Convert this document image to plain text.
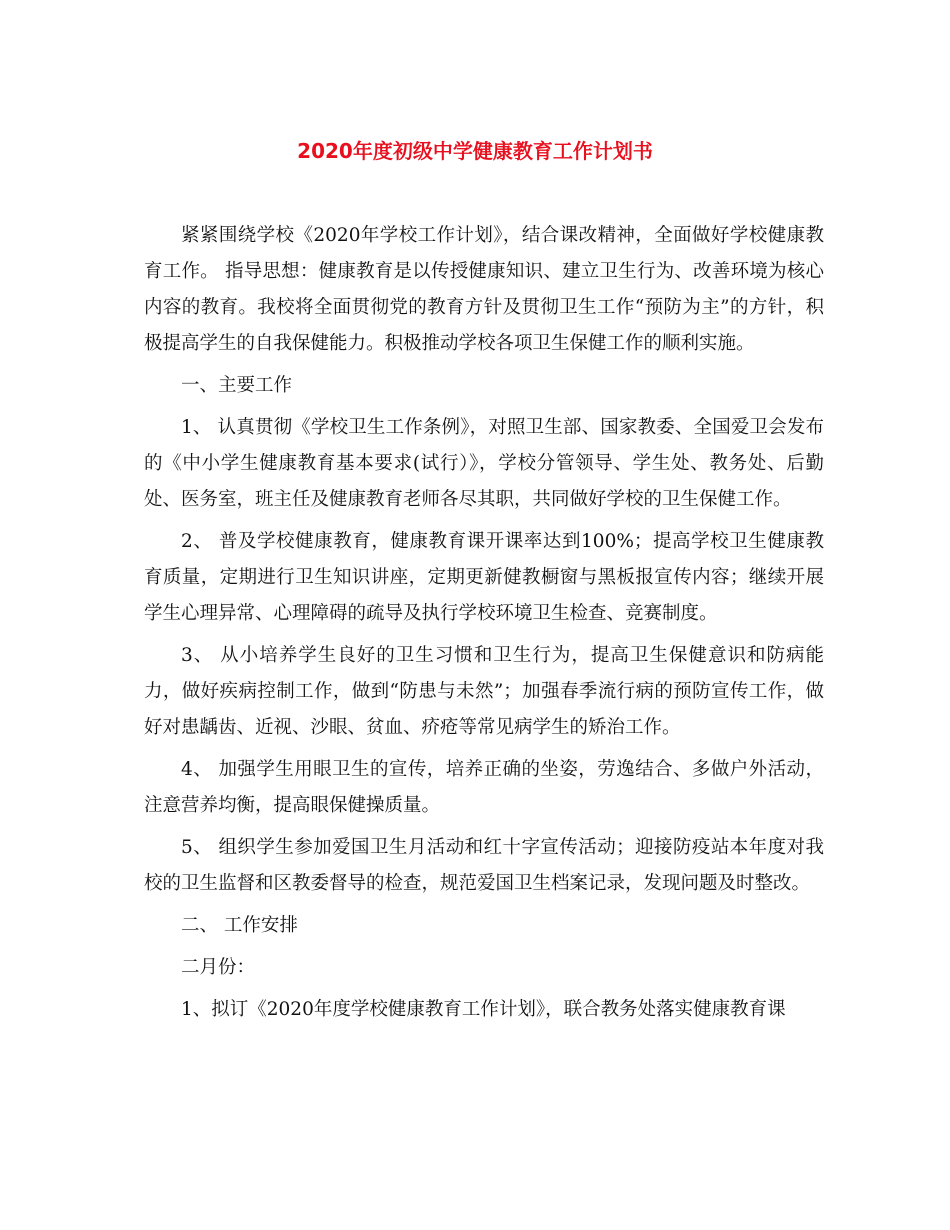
2020年度初级中学健康教育工作计划书

紧紧围绕学校《2020年学校工作计划》，结合课改精神，全面做好学校健康教育工作。 指导思想：健康教育是以传授健康知识、建立卫生行为、改善环境为核心内容的教育。我校将全面贯彻党的教育方针及贯彻卫生工作“预防为主”的方针，积极提高学生的自我保健能力。积极推动学校各项卫生保健工作的顺利实施。

一、主要工作

1、 认真贯彻《学校卫生工作条例》，对照卫生部、国家教委、全国爱卫会发布的《中小学生健康教育基本要求(试行）》，学校分管领导、学生处、教务处、后勤处、医务室，班主任及健康教育老师各尽其职，共同做好学校的卫生保健工作。

2、 普及学校健康教育，健康教育课开课率达到100%；提高学校卫生健康教育质量，定期进行卫生知识讲座，定期更新健教橱窗与黑板报宣传内容；继续开展学生心理异常、心理障碍的疏导及执行学校环境卫生检查、竞赛制度。

3、 从小培养学生良好的卫生习惯和卫生行为，提高卫生保健意识和防病能力，做好疾病控制工作，做到“防患与未然”；加强春季流行病的预防宣传工作，做好对患龋齿、近视、沙眼、贫血、疥疮等常见病学生的矫治工作。

4、 加强学生用眼卫生的宣传，培养正确的坐姿，劳逸结合、多做户外活动，注意营养均衡，提高眼保健操质量。

5、 组织学生参加爱国卫生月活动和红十字宣传活动；迎接防疫站本年度对我校的卫生监督和区教委督导的检查，规范爱国卫生档案记录，发现问题及时整改。

二、 工作安排

二月份：

1、拟订《2020年度学校健康教育工作计划》，联合教务处落实健康教育课
